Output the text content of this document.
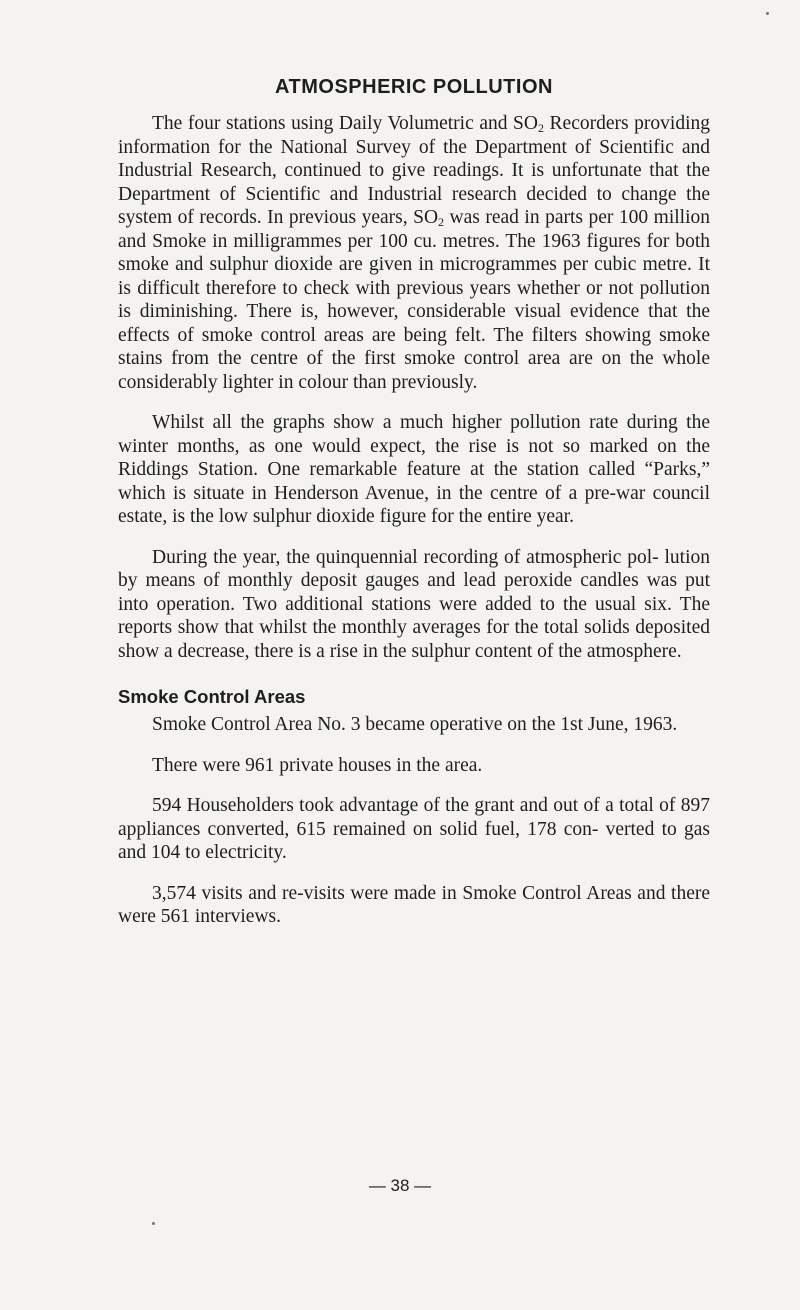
ATMOSPHERIC POLLUTION

The four stations using Daily Volumetric and $SO_2$ Recorders providing information for the National Survey of the Department of Scientific and Industrial Research, continued to give readings. It is unfortunate that the Department of Scientific and Industrial research decided to change the system of records. In previous years, $SO_2$ was read in parts per 100 million and Smoke in milligrammes per 100 cu. metres. The 1963 figures for both smoke and sulphur dioxide are given in microgrammes per cubic metre. It is difficult therefore to check with previous years whether or not pollution is diminishing. There is, however, considerable visual evidence that the effects of smoke control areas are being felt. The filters showing smoke stains from the centre of the first smoke control area are on the whole considerably lighter in colour than previously.

Whilst all the graphs show a much higher pollution rate during the winter months, as one would expect, the rise is not so marked on the Riddings Station. One remarkable feature at the station called “Parks,” which is situate in Henderson Avenue, in the centre of a pre-war council estate, is the low sulphur dioxide figure for the entire year.

During the year, the quinquennial recording of atmospheric pol- lution by means of monthly deposit gauges and lead peroxide candles was put into operation. Two additional stations were added to the usual six. The reports show that whilst the monthly averages for the total solids deposited show a decrease, there is a rise in the sulphur content of the atmosphere.

Smoke Control Areas

Smoke Control Area No. 3 became operative on the 1st June, 1963.

There were 961 private houses in the area.

594 Householders took advantage of the grant and out of a total of 897 appliances converted, 615 remained on solid fuel, 178 con- verted to gas and 104 to electricity.

3,574 visits and re-visits were made in Smoke Control Areas and there were 561 interviews.

— 38 —
